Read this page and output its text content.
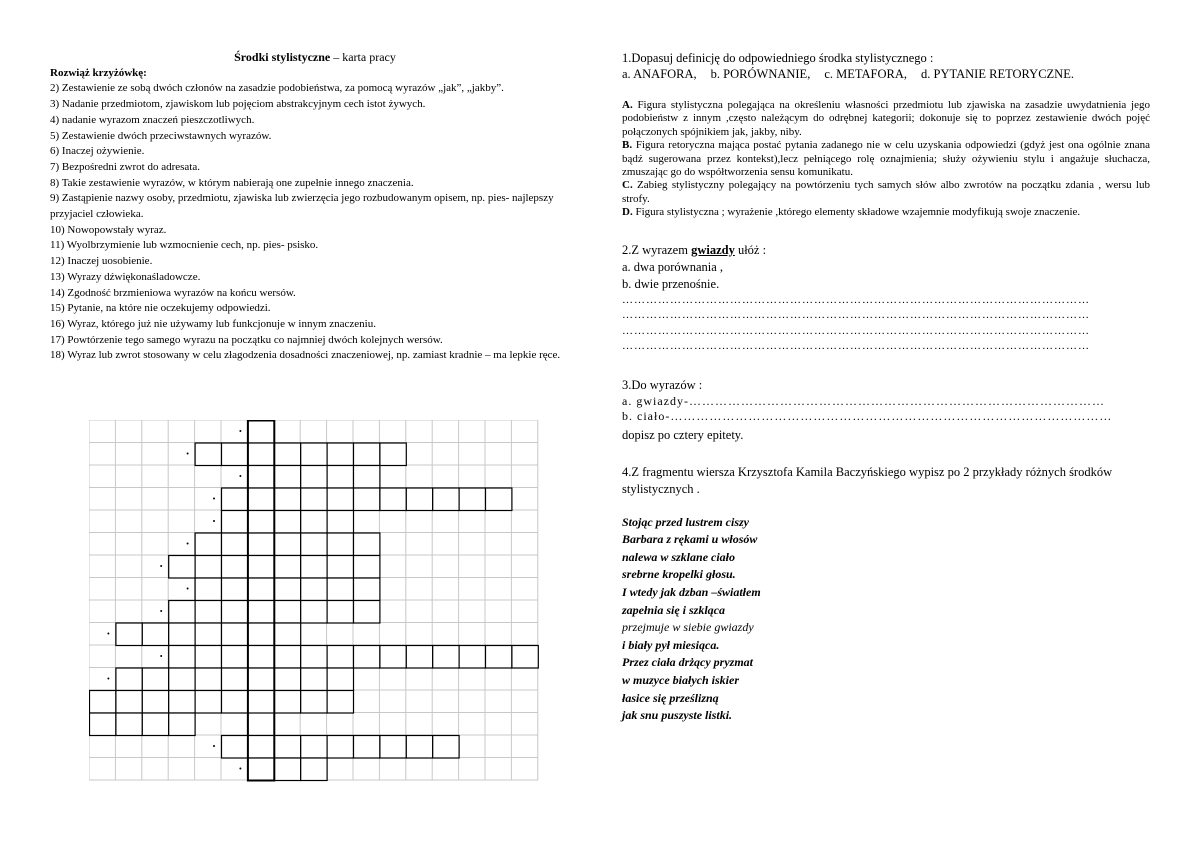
Środki stylistyczne – karta pracy
Rozwiąż krzyżówkę:

2) Zestawienie ze sobą dwóch członów na zasadzie podobieństwa, za pomocą wyrazów „jak”, „jakby”.

3) Nadanie przedmiotom, zjawiskom lub pojęciom abstrakcyjnym cech istot żywych.

4) nadanie wyrazom znaczeń pieszczotliwych.

5) Zestawienie dwóch przeciwstawnych wyrazów.

6) Inaczej ożywienie.

7) Bezpośredni zwrot do adresata.

8) Takie zestawienie wyrazów, w którym nabierają one zupełnie innego znaczenia.

9) Zastąpienie nazwy osoby, przedmiotu, zjawiska lub zwierzęcia jego rozbudowanym opisem, np. pies- najlepszy przyjaciel człowieka.

10) Nowopowstały wyraz.

11) Wyolbrzymienie lub wzmocnienie cech, np. pies- psisko.

12) Inaczej uosobienie.

13) Wyrazy dźwiękonaśladowcze.

14) Zgodność brzmieniowa wyrazów na końcu wersów.

15) Pytanie, na które nie oczekujemy odpowiedzi.

16) Wyraz, którego już nie używamy lub funkcjonuje w innym znaczeniu.

17) Powtórzenie tego samego wyrazu na początku co najmniej dwóch kolejnych wersów.

18) Wyraz lub zwrot stosowany w celu złagodzenia dosadności znaczeniowej, np. zamiast kradnie – ma lepkie ręce.

1.Dopasuj definicję do odpowiedniego środka stylistycznego :
a. ANAFORA, b. PORÓWNANIE, c. METAFORA, d. PYTANIE RETORYCZNE.
A. Figura stylistyczna polegająca na określeniu własności przedmiotu lub zjawiska na zasadzie uwydatnienia jego podobieństw z innym ,często należącym do odrębnej kategorii; dokonuje się to poprzez zestawienie dwóch pojęć połączonych spójnikiem jak, jakby, niby.
B. Figura retoryczna mająca postać pytania zadanego nie w celu uzyskania odpowiedzi (gdyż jest ona ogólnie znana bądź sugerowana przez kontekst),lecz pełniącego rolę oznajmienia; służy ożywieniu stylu i angażuje słuchacza, zmuszając go do współtworzenia sensu komunikatu.
C. Zabieg stylistyczny polegający na powtórzeniu tych samych słów albo zwrotów na początku zdania , wersu lub strofy.
D. Figura stylistyczna ; wyrażenie ,którego elementy składowe wzajemnie modyfikują swoje znaczenie.
2.Z wyrazem gwiazdy ułóż :
a. dwa porównania ,
b. dwie przenośnie.
………………………………………………………………………………………………………
………………………………………………………………………………………………………
………………………………………………………………………………………………………
………………………………………………………………………………………………………
3.Do wyrazów :
a. gwiazdy-……………………………………………………………………………………
b. ciało-…………………………………………………………………………………………
dopisz po cztery epitety.
4.Z fragmentu wiersza Krzysztofa Kamila Baczyńskiego wypisz po 2 przykłady różnych środków stylistycznych .
Stojąc przed lustrem ciszy
Barbara z rękami u włosów
nalewa w szklane ciało
srebrne kropelki głosu.
I wtedy jak dzban –światłem
zapełnia się i szkląca
przejmuje w siebie gwiazdy
i biały pył miesiąca.
Przez ciała drżący pryzmat
w muzyce białych iskier
łasice się prześlizną
jak snu puszyste listki.
